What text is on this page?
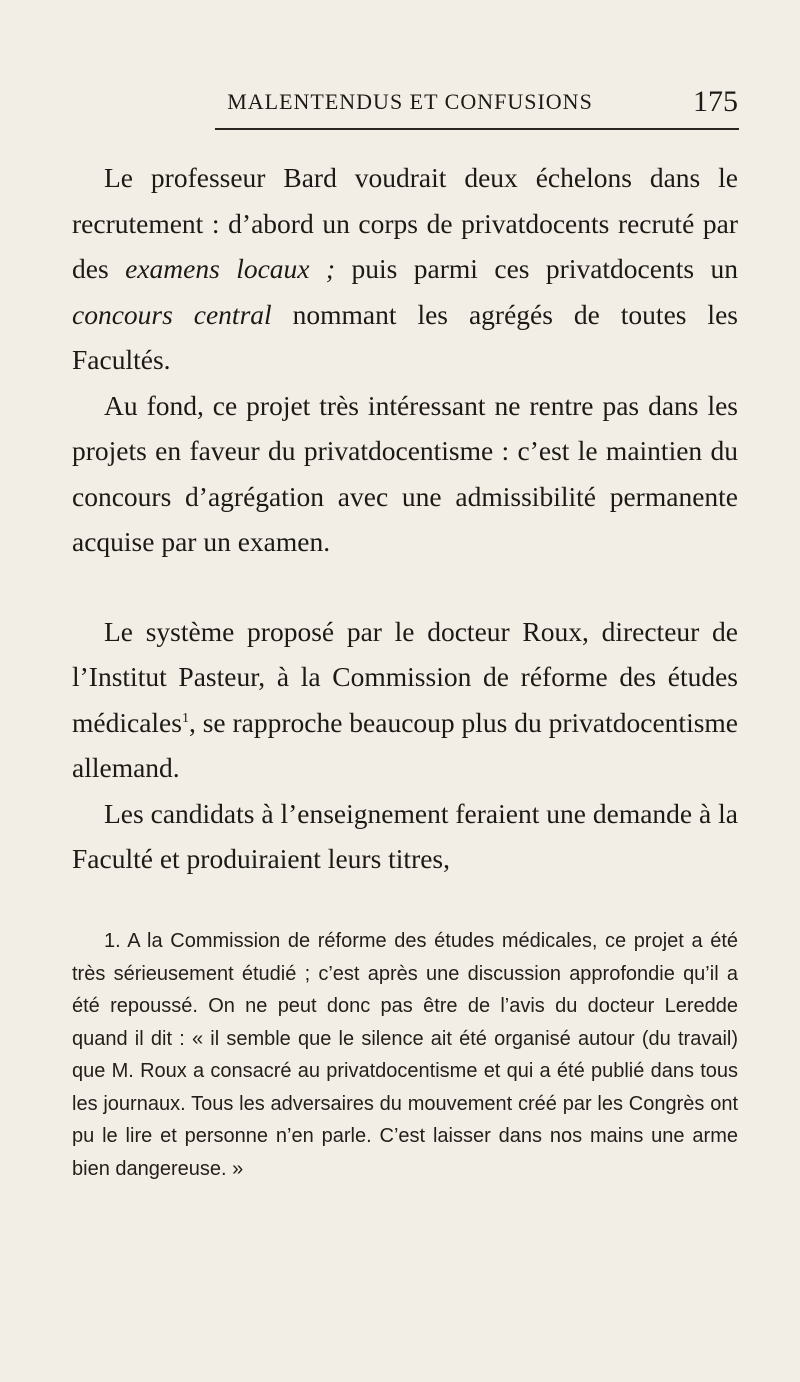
MALENTENDUS ET CONFUSIONS	175

Le professeur Bard voudrait deux échelons dans le recrutement : d’abord un corps de privatdocents recruté par des examens locaux ; puis parmi ces privatdocents un concours central nommant les agrégés de toutes les Facultés.

Au fond, ce projet très intéressant ne rentre pas dans les projets en faveur du privatdocentisme : c’est le maintien du concours d’agrégation avec une admissibilité permanente acquise par un examen.

Le système proposé par le docteur Roux, directeur de l’Institut Pasteur, à la Commission de réforme des études médicales$^1$, se rapproche beaucoup plus du privatdocentisme allemand.

Les candidats à l’enseignement feraient une demande à la Faculté et produiraient leurs titres,

1. A la Commission de réforme des études médicales, ce projet a été très sérieusement étudié ; c’est après une discussion approfondie qu’il a été repoussé. On ne peut donc pas être de l’avis du docteur Leredde quand il dit : « il semble que le silence ait été organisé autour (du travail) que M. Roux a consacré au privatdocentisme et qui a été publié dans tous les journaux. Tous les adversaires du mouvement créé par les Congrès ont pu le lire et personne n’en parle. C’est laisser dans nos mains une arme bien dangereuse. »
